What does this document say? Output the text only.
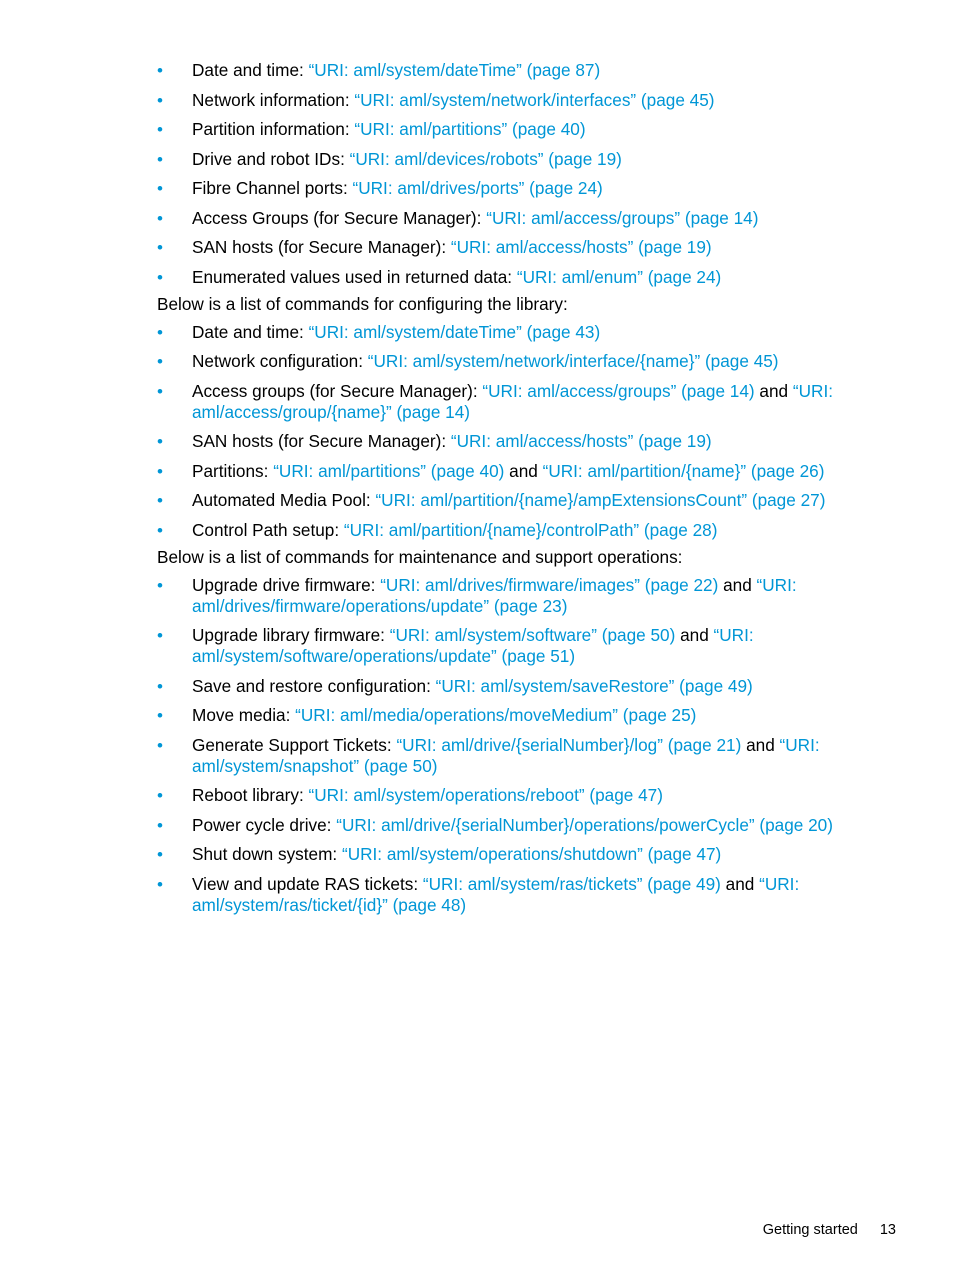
• Date and time: “URI: aml/system/dateTime” (page 87)
• Network information: “URI: aml/system/network/interfaces” (page 45)
• Partition information: “URI: aml/partitions” (page 40)
• Drive and robot IDs: “URI: aml/devices/robots” (page 19)
• Fibre Channel ports: “URI: aml/drives/ports” (page 24)
• Access Groups (for Secure Manager): “URI: aml/access/groups” (page 14)
• SAN hosts (for Secure Manager): “URI: aml/access/hosts” (page 19)
• Enumerated values used in returned data: “URI: aml/enum” (page 24)
Below is a list of commands for configuring the library:
• Date and time: “URI: aml/system/dateTime” (page 43)
• Network configuration: “URI: aml/system/network/interface/{name}” (page 45)
• Access groups (for Secure Manager): “URI: aml/access/groups” (page 14) and “URI: aml/access/group/{name}” (page 14)
• SAN hosts (for Secure Manager): “URI: aml/access/hosts” (page 19)
• Partitions: “URI: aml/partitions” (page 40) and “URI: aml/partition/{name}” (page 26)
• Automated Media Pool: “URI: aml/partition/{name}/ampExtensionsCount” (page 27)
• Control Path setup: “URI: aml/partition/{name}/controlPath” (page 28)
Below is a list of commands for maintenance and support operations:
• Upgrade drive firmware: “URI: aml/drives/firmware/images” (page 22) and “URI: aml/drives/firmware/operations/update” (page 23)
• Upgrade library firmware: “URI: aml/system/software” (page 50) and “URI: aml/system/software/operations/update” (page 51)
• Save and restore configuration: “URI: aml/system/saveRestore” (page 49)
• Move media: “URI: aml/media/operations/moveMedium” (page 25)
• Generate Support Tickets: “URI: aml/drive/{serialNumber}/log” (page 21) and “URI: aml/system/snapshot” (page 50)
• Reboot library: “URI: aml/system/operations/reboot” (page 47)
• Power cycle drive: “URI: aml/drive/{serialNumber}/operations/powerCycle” (page 20)
• Shut down system: “URI: aml/system/operations/shutdown” (page 47)
• View and update RAS tickets: “URI: aml/system/ras/tickets” (page 49) and “URI: aml/system/ras/ticket/{id}” (page 48)
Getting started 13
